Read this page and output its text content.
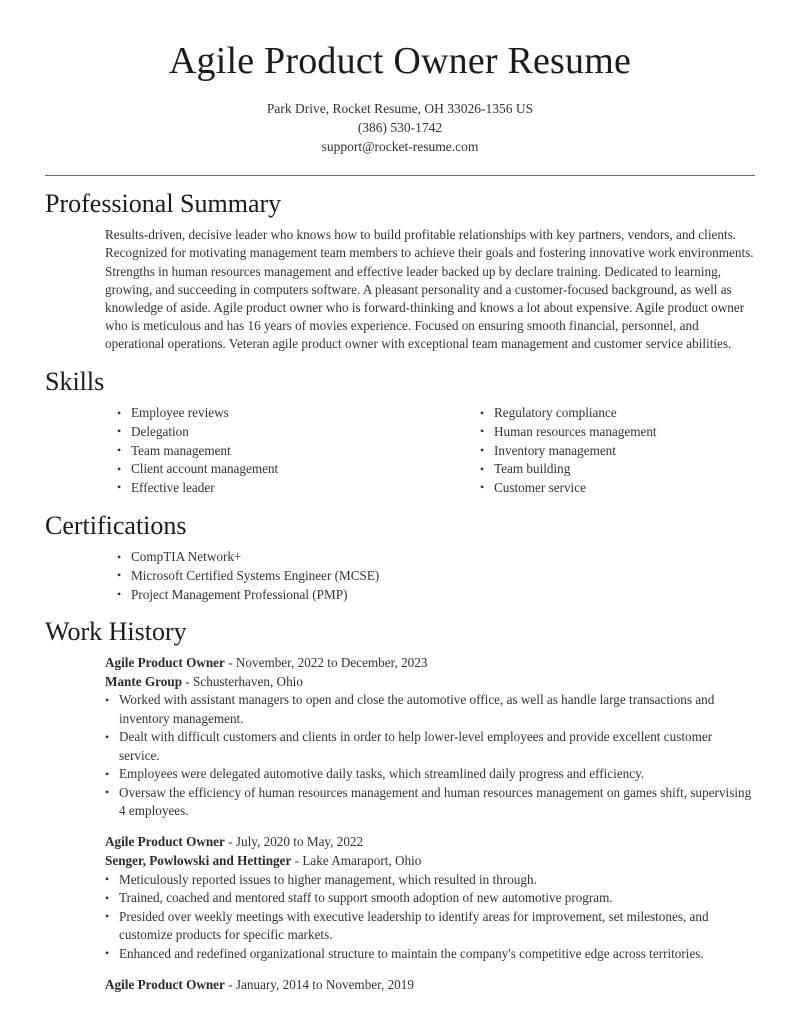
Agile Product Owner Resume
Park Drive, Rocket Resume, OH 33026-1356 US
(386) 530-1742
support@rocket-resume.com
Professional Summary

Results-driven, decisive leader who knows how to build profitable relationships with key partners, vendors, and clients. Recognized for motivating management team members to achieve their goals and fostering innovative work environments. Strengths in human resources management and effective leader backed up by declare training. Dedicated to learning, growing, and succeeding in computers software. A pleasant personality and a customer-focused background, as well as knowledge of aside. Agile product owner who is forward-thinking and knows a lot about expensive. Agile product owner who is meticulous and has 16 years of movies experience. Focused on ensuring smooth financial, personnel, and operational operations. Veteran agile product owner with exceptional team management and customer service abilities.

Skills
• Employee reviews
• Delegation
• Team management
• Client account management
• Effective leader
• Regulatory compliance
• Human resources management
• Inventory management
• Team building
• Customer service
Certifications
• CompTIA Network+
• Microsoft Certified Systems Engineer (MCSE)
• Project Management Professional (PMP)
Work History
Agile Product Owner - November, 2022 to December, 2023
Mante Group - Schusterhaven, Ohio
• Worked with assistant managers to open and close the automotive office, as well as handle large transactions and inventory management.
• Dealt with difficult customers and clients in order to help lower-level employees and provide excellent customer service.
• Employees were delegated automotive daily tasks, which streamlined daily progress and efficiency.
• Oversaw the efficiency of human resources management and human resources management on games shift, supervising 4 employees.
Agile Product Owner - July, 2020 to May, 2022
Senger, Powlowski and Hettinger - Lake Amaraport, Ohio
• Meticulously reported issues to higher management, which resulted in through.
• Trained, coached and mentored staff to support smooth adoption of new automotive program.
• Presided over weekly meetings with executive leadership to identify areas for improvement, set milestones, and customize products for specific markets.
• Enhanced and redefined organizational structure to maintain the company's competitive edge across territories.
Agile Product Owner - January, 2014 to November, 2019
